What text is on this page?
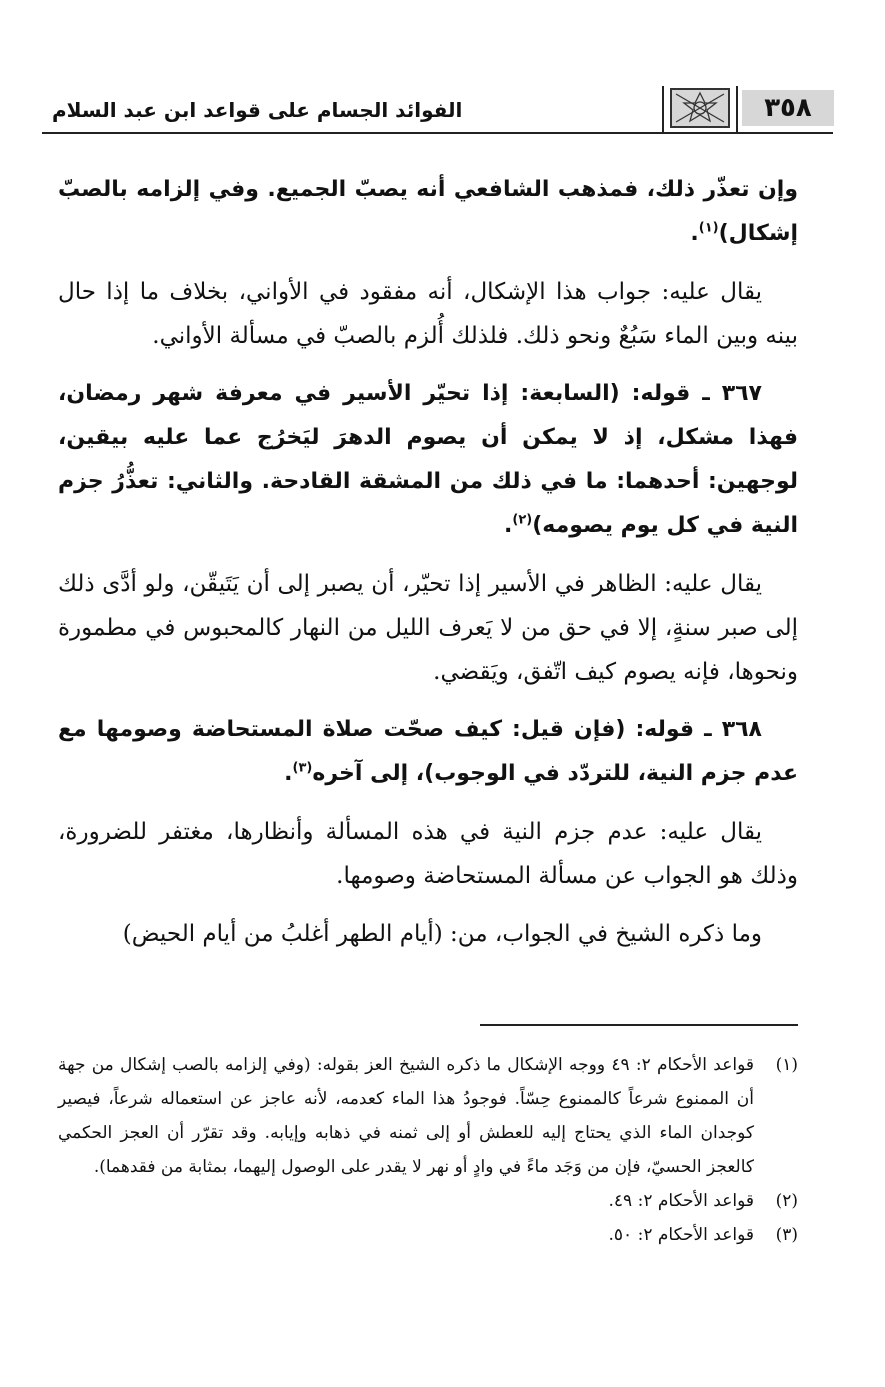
الفوائد الجسام على قواعد ابن عبد السلام	٣٥٨

وإن تعذّر ذلك، فمذهب الشافعي أنه يصبّ الجميع. وفي إلزامه بالصبّ إشكال)$^{(١)}$.

يقال عليه: جواب هذا الإشكال، أنه مفقود في الأواني، بخلاف ما إذا حال بينه وبين الماء سَبُعٌ ونحو ذلك. فلذلك أُلزم بالصبّ في مسألة الأواني.

٣٦٧ ـ قوله: (السابعة: إذا تحيّر الأسير في معرفة شهر رمضان، فهذا مشكل، إذ لا يمكن أن يصوم الدهرَ ليَخرُج عما عليه بيقين، لوجهين: أحدهما: ما في ذلك من المشقة القادحة. والثاني: تعذُّرُ جزم النية في كل يوم يصومه)$^{(٢)}$.

يقال عليه: الظاهر في الأسير إذا تحيّر، أن يصبر إلى أن يَتَيقّن، ولو أدَّى ذلك إلى صبر سنةٍ، إلا في حق من لا يَعرف الليل من النهار كالمحبوس في مطمورة ونحوها، فإنه يصوم كيف اتّفق، ويَقضي.

٣٦٨ ـ قوله: (فإن قيل: كيف صحّت صلاة المستحاضة وصومها مع عدم جزم النية، للتردّد في الوجوب)، إلى آخره$^{(٣)}$.

يقال عليه: عدم جزم النية في هذه المسألة وأنظارها، مغتفر للضرورة، وذلك هو الجواب عن مسألة المستحاضة وصومها.

وما ذكره الشيخ في الجواب، من: (أيام الطهر أغلبُ من أيام الحيض)

(١)
قواعد الأحكام ٢: ٤٩ ووجه الإشكال ما ذكره الشيخ العز بقوله: (وفي إلزامه بالصب إشكال من جهة أن الممنوع شرعاً كالممنوع حِسّاً. فوجودُ هذا الماء كعدمه، لأنه عاجز عن استعماله شرعاً، فيصير كوجدان الماء الذي يحتاج إليه للعطش أو إلى ثمنه في ذهابه وإيابه. وقد تقرّر أن العجز الحكمي كالعجز الحسيّ، فإن من وَجَد ماءً في وادٍ أو نهر لا يقدر على الوصول إليهما، بمثابة من فقدهما).
(٢)
قواعد الأحكام ٢: ٤٩.
(٣)
قواعد الأحكام ٢: ٥٠.
